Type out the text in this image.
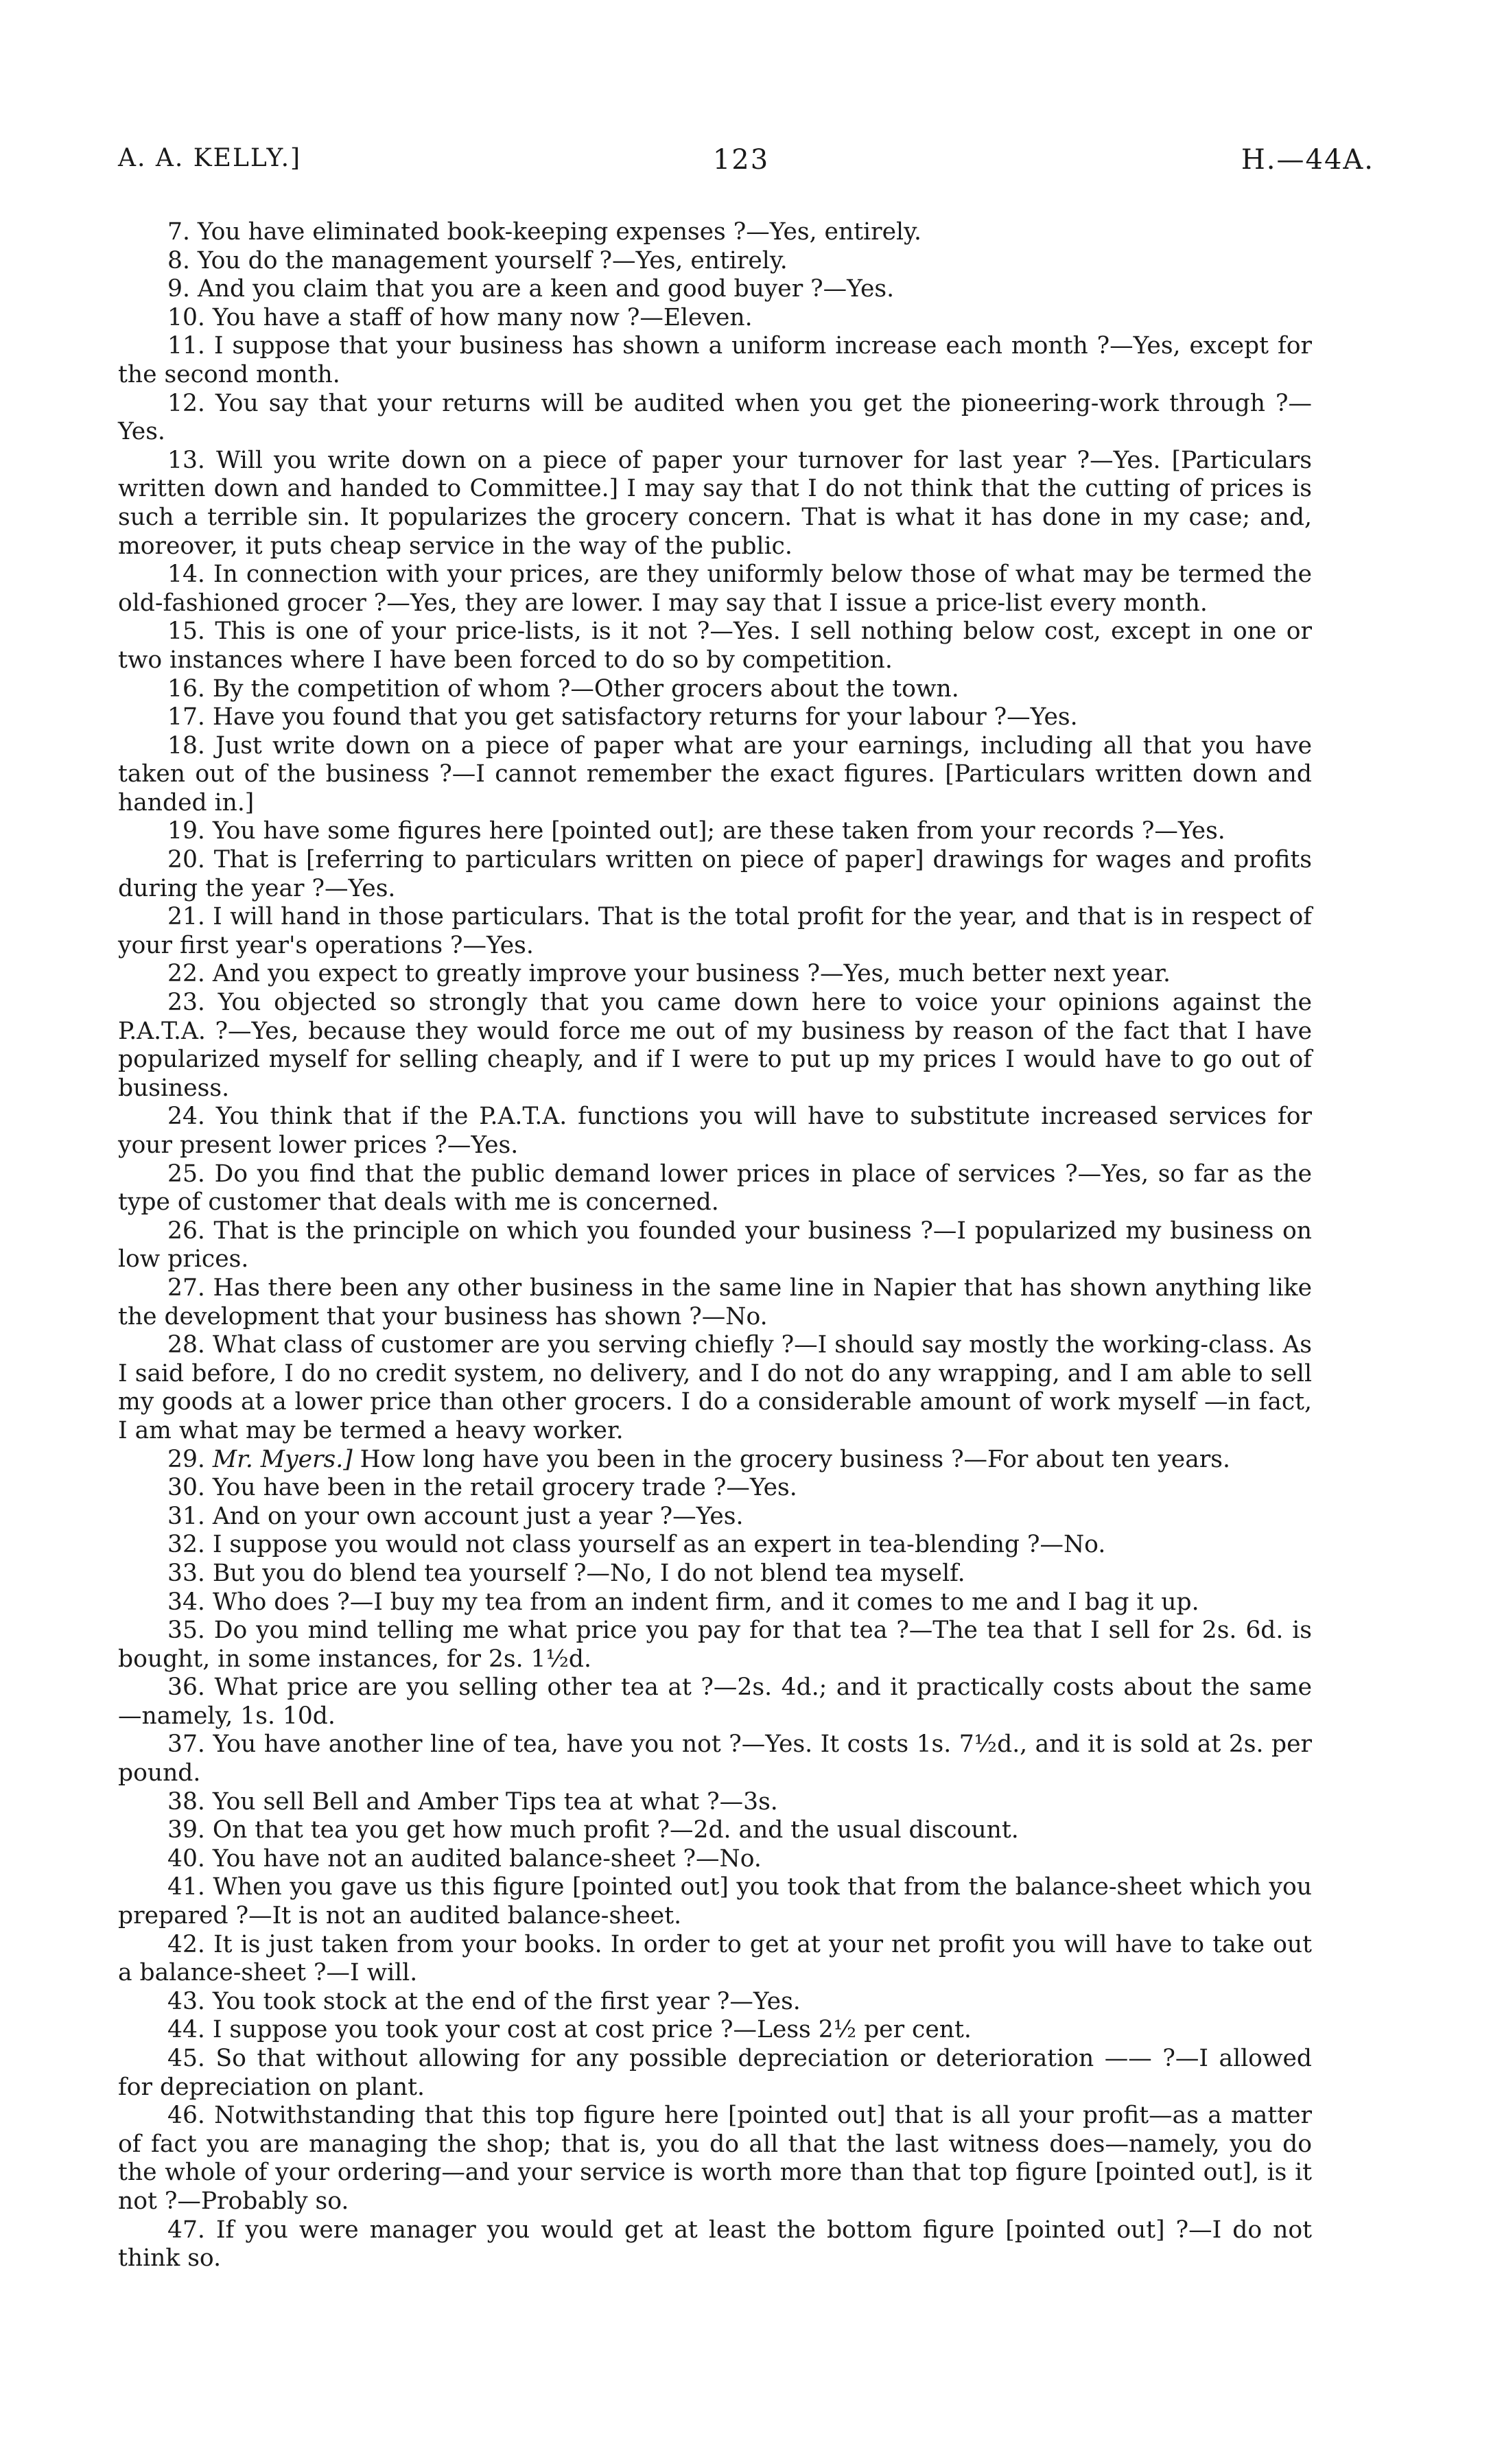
A. A. KELLY.]	123	H.—44A.

7. You have eliminated book-keeping expenses ?—Yes, entirely.

8. You do the management yourself ?—Yes, entirely.

9. And you claim that you are a keen and good buyer ?—Yes.

10. You have a staff of how many now ?—Eleven.

11. I suppose that your business has shown a uniform increase each month ?—Yes, except for the second month.

12. You say that your returns will be audited when you get the pioneering-work through ?—Yes.

13. Will you write down on a piece of paper your turnover for last year ?—Yes. [Particulars written down and handed to Committee.] I may say that I do not think that the cutting of prices is such a terrible sin. It popularizes the grocery concern. That is what it has done in my case; and, moreover, it puts cheap service in the way of the public.

14. In connection with your prices, are they uniformly below those of what may be termed the old-fashioned grocer ?—Yes, they are lower. I may say that I issue a price-list every month.

15. This is one of your price-lists, is it not ?—Yes. I sell nothing below cost, except in one or two instances where I have been forced to do so by competition.

16. By the competition of whom ?—Other grocers about the town.

17. Have you found that you get satisfactory returns for your labour ?—Yes.

18. Just write down on a piece of paper what are your earnings, including all that you have taken out of the business ?—I cannot remember the exact figures. [Particulars written down and handed in.]

19. You have some figures here [pointed out]; are these taken from your records ?—Yes.

20. That is [referring to particulars written on piece of paper] drawings for wages and profits during the year ?—Yes.

21. I will hand in those particulars. That is the total profit for the year, and that is in respect of your first year's operations ?—Yes.

22. And you expect to greatly improve your business ?—Yes, much better next year.

23. You objected so strongly that you came down here to voice your opinions against the P.A.T.A. ?—Yes, because they would force me out of my business by reason of the fact that I have popularized myself for selling cheaply, and if I were to put up my prices I would have to go out of business.

24. You think that if the P.A.T.A. functions you will have to substitute increased services for your present lower prices ?—Yes.

25. Do you find that the public demand lower prices in place of services ?—Yes, so far as the type of customer that deals with me is concerned.

26. That is the principle on which you founded your business ?—I popularized my business on low prices.

27. Has there been any other business in the same line in Napier that has shown anything like the development that your business has shown ?—No.

28. What class of customer are you serving chiefly ?—I should say mostly the working-class. As I said before, I do no credit system, no delivery, and I do not do any wrapping, and I am able to sell my goods at a lower price than other grocers. I do a considerable amount of work myself —in fact, I am what may be termed a heavy worker.

29. Mr. Myers.] How long have you been in the grocery business ?—For about ten years.

30. You have been in the retail grocery trade ?—Yes.

31. And on your own account just a year ?—Yes.

32. I suppose you would not class yourself as an expert in tea-blending ?—No.

33. But you do blend tea yourself ?—No, I do not blend tea myself.

34. Who does ?—I buy my tea from an indent firm, and it comes to me and I bag it up.

35. Do you mind telling me what price you pay for that tea ?—The tea that I sell for 2s. 6d. is bought, in some instances, for 2s. 1½d.

36. What price are you selling other tea at ?—2s. 4d.; and it practically costs about the same —namely, 1s. 10d.

37. You have another line of tea, have you not ?—Yes. It costs 1s. 7½d., and it is sold at 2s. per pound.

38. You sell Bell and Amber Tips tea at what ?—3s.

39. On that tea you get how much profit ?—2d. and the usual discount.

40. You have not an audited balance-sheet ?—No.

41. When you gave us this figure [pointed out] you took that from the balance-sheet which you prepared ?—It is not an audited balance-sheet.

42. It is just taken from your books. In order to get at your net profit you will have to take out a balance-sheet ?—I will.

43. You took stock at the end of the first year ?—Yes.

44. I suppose you took your cost at cost price ?—Less 2½ per cent.

45. So that without allowing for any possible depreciation or deterioration —— ?—I allowed for depreciation on plant.

46. Notwithstanding that this top figure here [pointed out] that is all your profit—as a matter of fact you are managing the shop; that is, you do all that the last witness does—namely, you do the whole of your ordering—and your service is worth more than that top figure [pointed out], is it not ?—Probably so.

47. If you were manager you would get at least the bottom figure [pointed out] ?—I do not think so.
